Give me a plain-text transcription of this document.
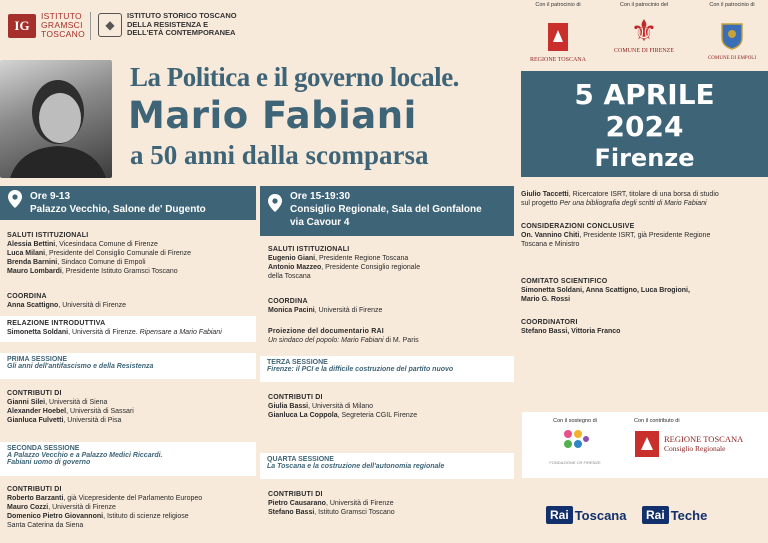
IG
ISTITUTO
GRAMSCI
TOSCANO
◆
ISTITUTO STORICO TOSCANO
DELLA RESISTENZA E
DELL'ETÀ CONTEMPORANEA
Con il patrocinio di
REGIONE TOSCANA
Con il patrocinio del
⚜
COMUNE DI FIRENZE
Con il patrocinio di
COMUNE DI EMPOLI
La Politica e il governo locale.
Mario Fabiani
a 50 anni dalla scomparsa
5 APRILE
2024
Firenze
Ore 9-13
Palazzo Vecchio, Salone de' Dugento
SALUTI ISTITUZIONALI
Alessia Bettini, Vicesindaca Comune di Firenze
Luca Milani, Presidente del Consiglio Comunale di Firenze
Brenda Barnini, Sindaco Comune di Empoli
Mauro Lombardi, Presidente Istituto Gramsci Toscano
COORDINA
Anna Scattigno, Università di Firenze
RELAZIONE INTRODUTTIVA
Simonetta Soldani, Università di Firenze. Ripensare a Mario Fabiani
PRIMA SESSIONE
Gli anni dell'antifascismo e della Resistenza
CONTRIBUTI DI
Gianni Silei, Università di Siena
Alexander Hoebel, Università di Sassari
Gianluca Fulvetti, Università di Pisa
SECONDA SESSIONE
A Palazzo Vecchio e a Palazzo Medici Riccardi.
Fabiani uomo di governo
CONTRIBUTI DI
Roberto Barzanti, già Vicepresidente del Parlamento Europeo
Mauro Cozzi, Università di Firenze
Domenico Pietro Giovannoni, Istituto di scienze religiose
Santa Caterina da Siena
Ore 15-19:30
Consiglio Regionale, Sala del Gonfalone
via Cavour 4
SALUTI ISTITUZIONALI
Eugenio Giani, Presidente Regione Toscana
Antonio Mazzeo, Presidente Consiglio regionale
della Toscana
COORDINA
Monica Pacini, Università di Firenze
Proiezione del documentario RAI
Un sindaco del popolo: Mario Fabiani di M. Paris
TERZA SESSIONE
Firenze: il PCI e la difficile costruzione del partito nuovo
CONTRIBUTI DI
Giulia Bassi, Università di Milano
Gianluca La Coppola, Segreteria CGIL Firenze
QUARTA SESSIONE
La Toscana e la costruzione dell'autonomia regionale
CONTRIBUTI DI
Pietro Causarano, Università di Firenze
Stefano Bassi, Istituto Gramsci Toscano
Giulio Taccetti, Ricercatore ISRT, titolare di una borsa di studio
sul progetto Per una bibliografia degli scritti di Mario Fabiani
CONSIDERAZIONI CONCLUSIVE
On. Vannino Chiti, Presidente ISRT, già Presidente Regione
Toscana e Ministro
COMITATO SCIENTIFICO
Simonetta Soldani, Anna Scattigno, Luca Brogioni,
Mario G. Rossi
COORDINATORI
Stefano Bassi, Vittoria Franco
Con il sostegno di
FONDAZIONE CR FIRENZE
Con il contributo di
REGIONE TOSCANA
Consiglio Regionale
Rai Toscana	Rai Teche
